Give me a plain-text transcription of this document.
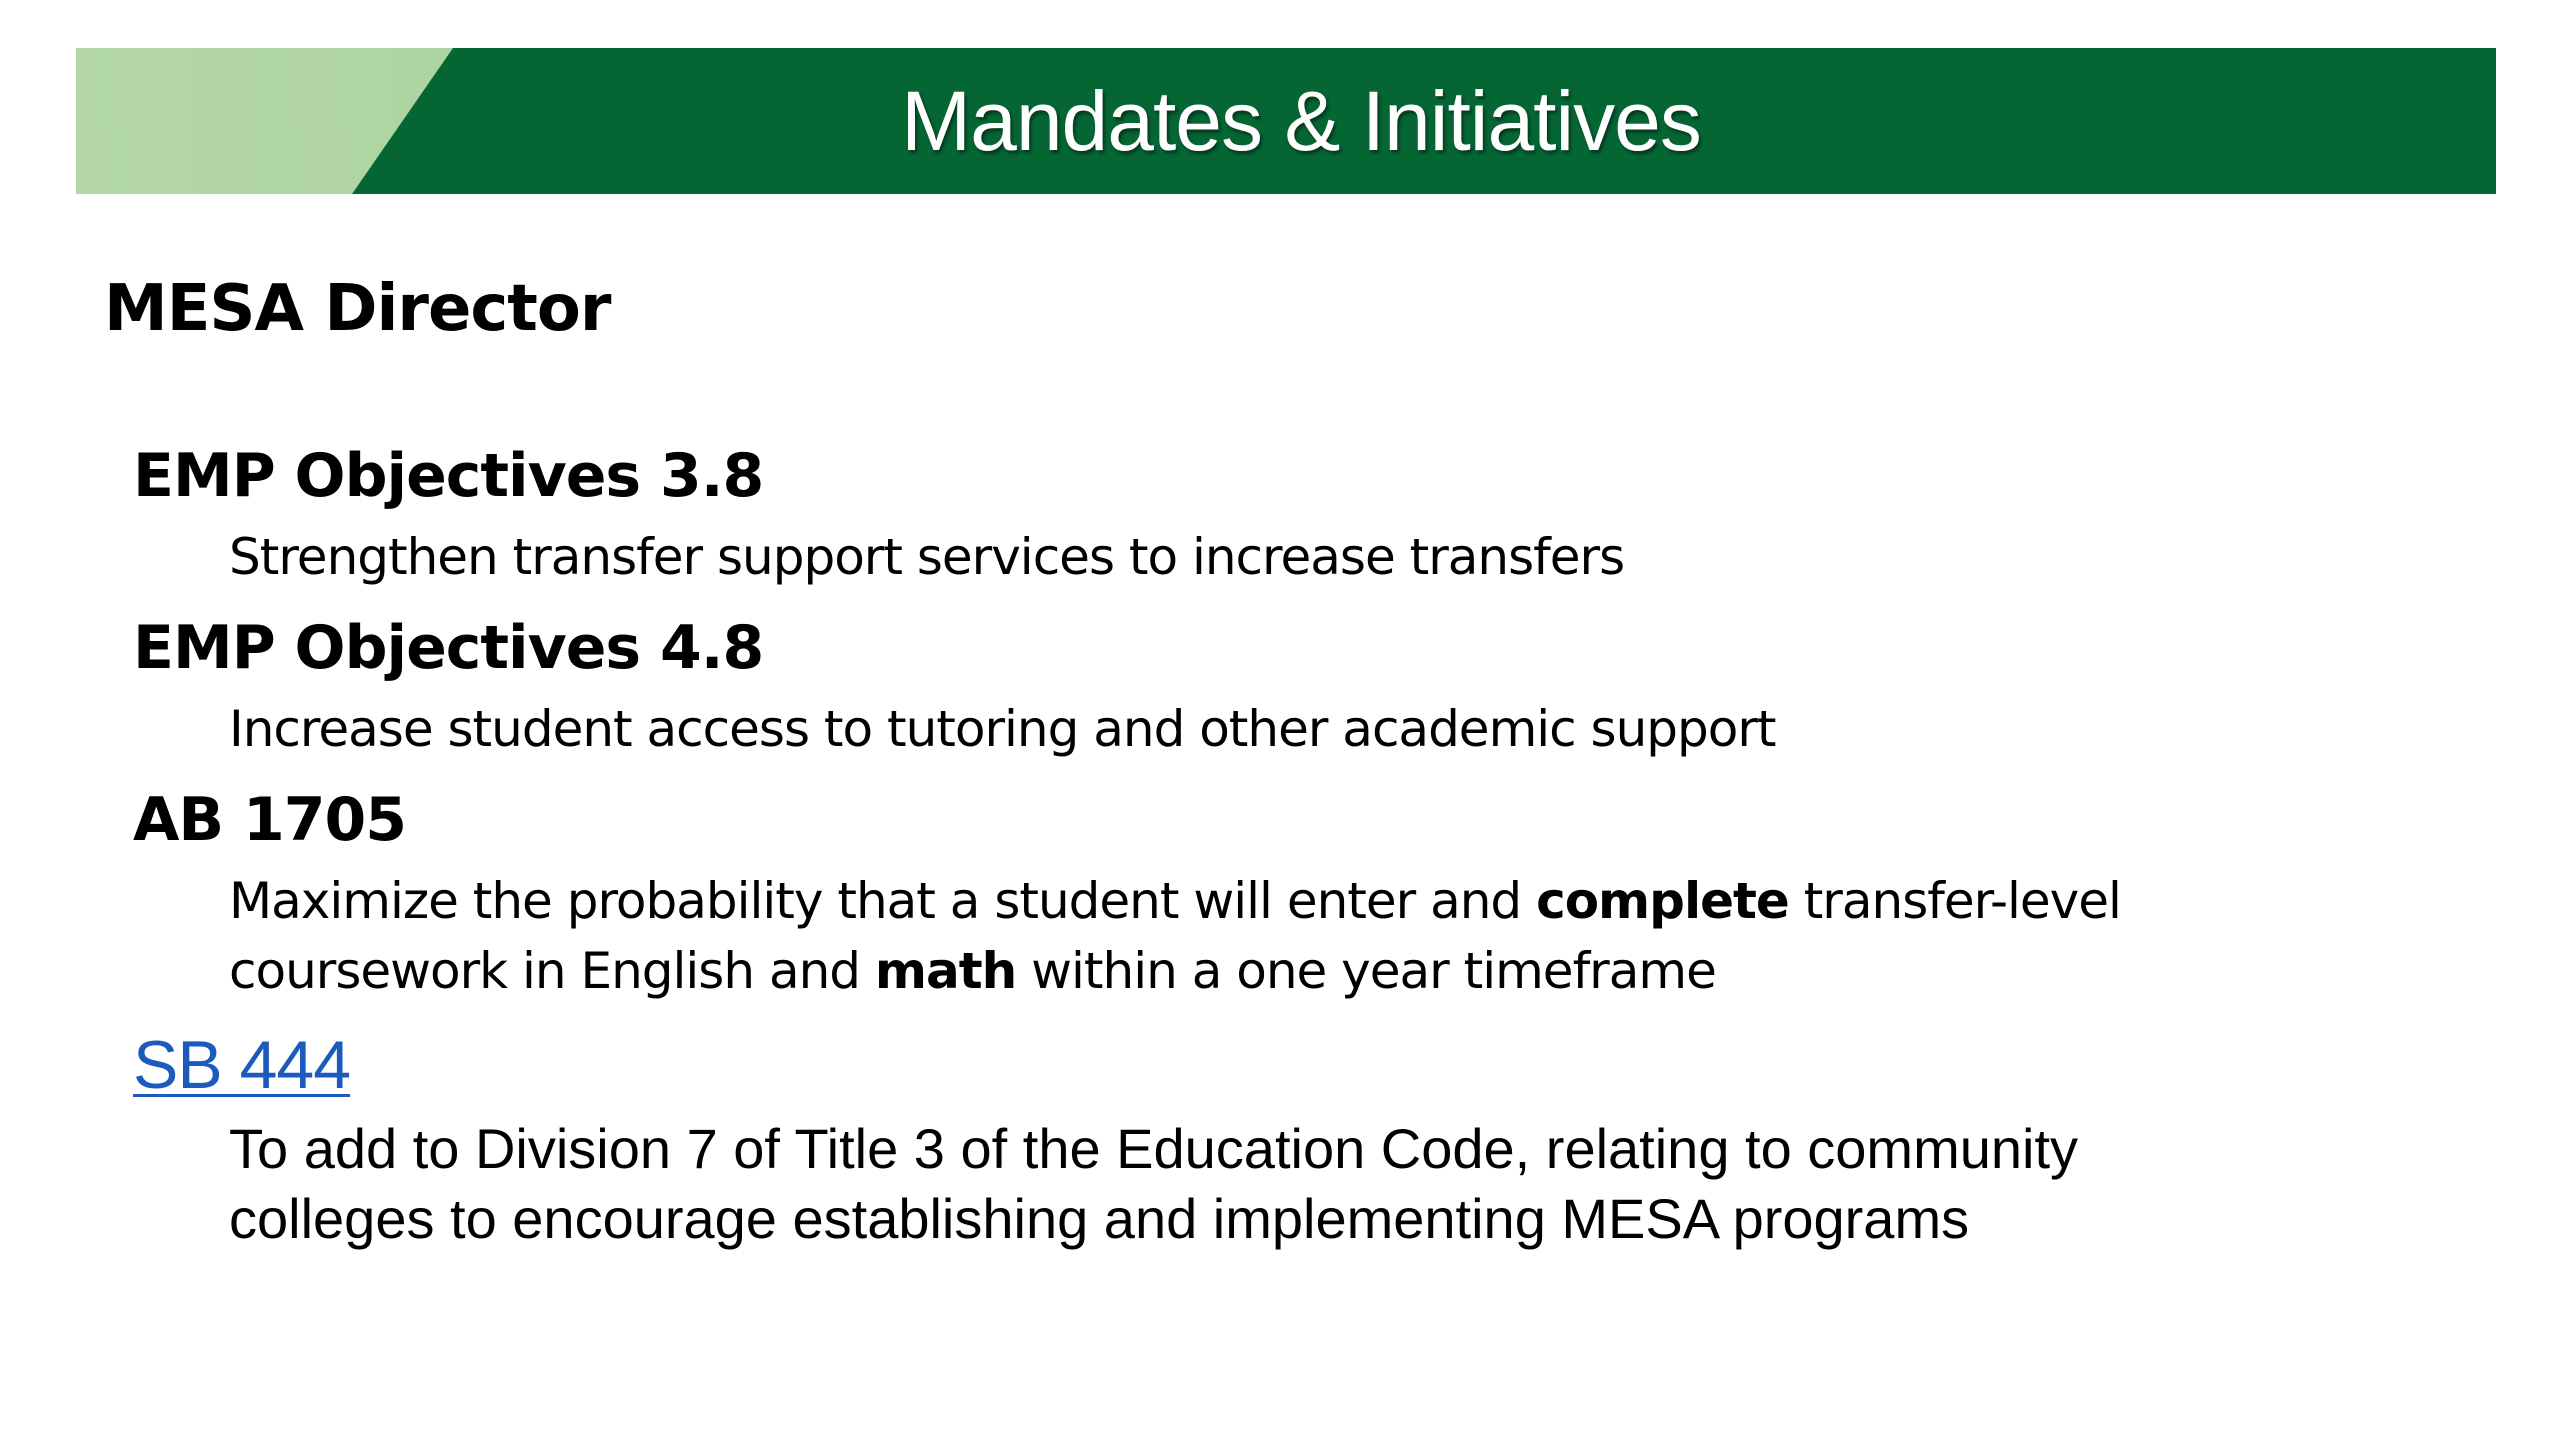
Mandates & Initiatives
MESA Director
EMP Objectives 3.8
Strengthen transfer support services to increase transfers
EMP Objectives 4.8
Increase student access to tutoring and other academic support
AB 1705
Maximize the probability that a student will enter and complete transfer-level
coursework in English and math within a one year timeframe
SB 444
To add to Division 7 of Title 3 of the Education Code, relating to community
colleges to encourage establishing and implementing MESA programs
